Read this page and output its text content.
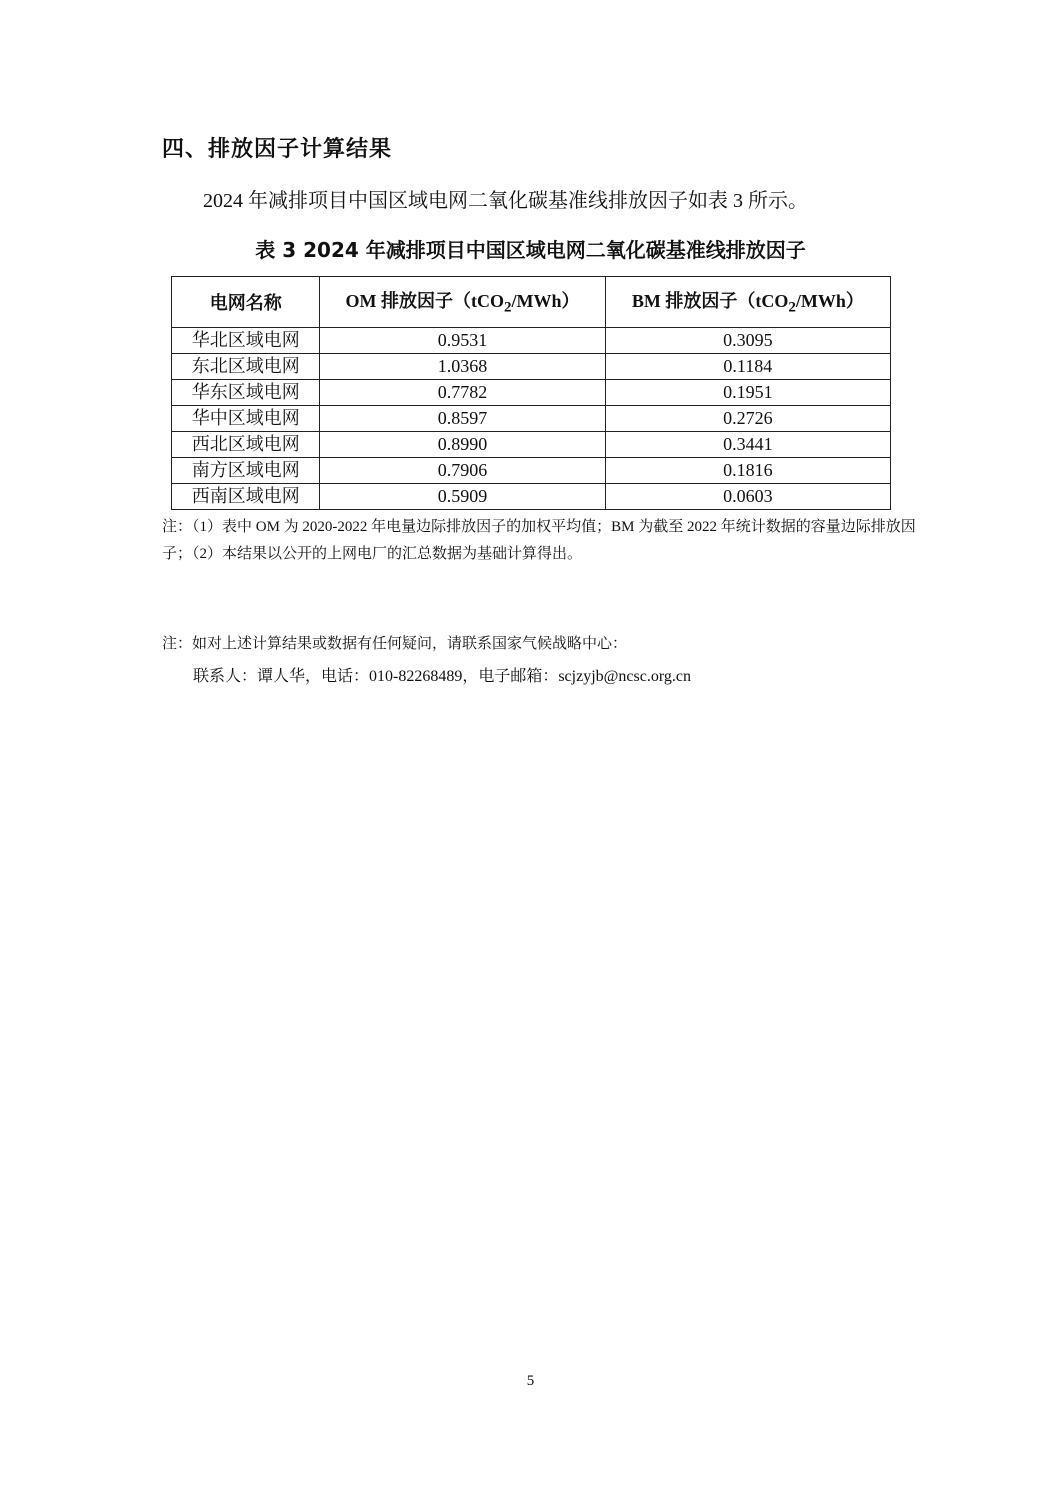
四、排放因子计算结果
2024 年减排项目中国区域电网二氧化碳基准线排放因子如表 3 所示。
表 3 2024 年减排项目中国区域电网二氧化碳基准线排放因子
电网名称	OM 排放因子（tCO$_2$/MWh）	BM 排放因子（tCO$_2$/MWh）
华北区域电网	0.9531	0.3095
东北区域电网	1.0368	0.1184
华东区域电网	0.7782	0.1951
华中区域电网	0.8597	0.2726
西北区域电网	0.8990	0.3441
南方区域电网	0.7906	0.1816
西南区域电网	0.5909	0.0603
注：（1）表中 OM 为 2020-2022 年电量边际排放因子的加权平均值；BM 为截至 2022 年统计数据的容量边际排放因子；（2）本结果以公开的上网电厂的汇总数据为基础计算得出。
注：如对上述计算结果或数据有任何疑问，请联系国家气候战略中心：
联系人：谭人华，电话：010-82268489，电子邮箱：scjzyjb@ncsc.org.cn
5
